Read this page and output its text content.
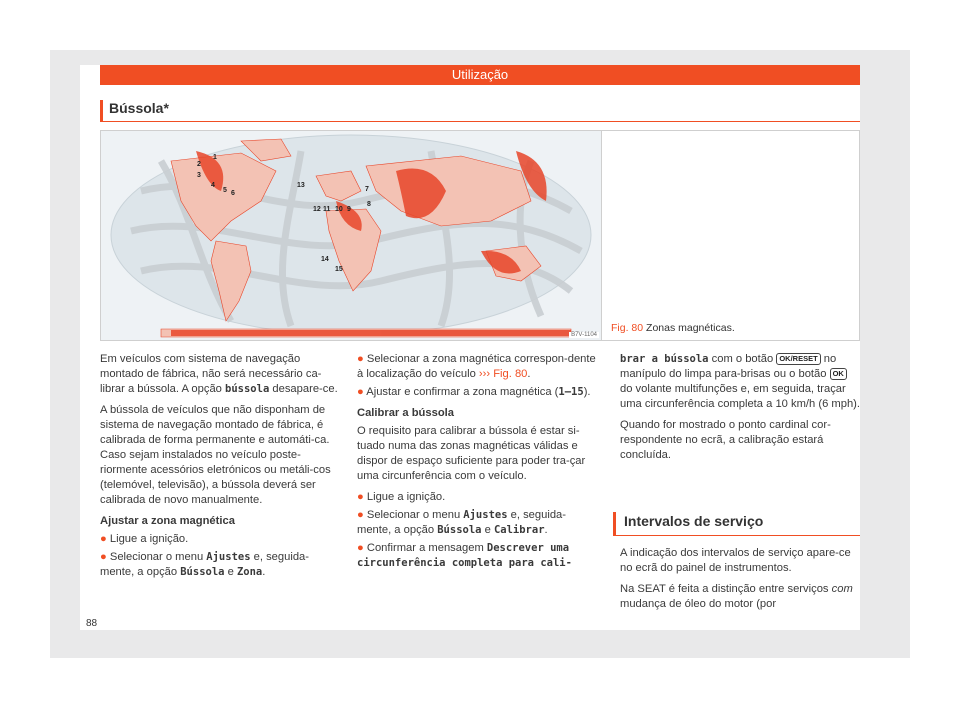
Utilização
Bússola*
1
2
3
4
5 6
7
8
9
10
11
12
13
14
15
B7V-1104
Fig. 80 Zonas magnéticas.

Em veículos com sistema de navegação montado de fábrica, não será necessário ca-librar a bússola. A opção bússola desapare-ce.

A bússola de veículos que não disponham de sistema de navegação montado de fábrica, é calibrada de forma permanente e automáti-ca. Caso sejam instalados no veículo poste-riormente acessórios eletrónicos ou metáli-cos (telemóvel, televisão), a bússola deverá ser calibrada de novo manualmente.

Ajustar a zona magnética
● Ligue a ignição.
● Selecionar o menu Ajustes e, seguida-mente, a opção Bússola e Zona.
● Selecionar a zona magnética correspon-dente à localização do veículo ››› Fig. 80.
● Ajustar e confirmar a zona magnética (1–15).
Calibrar a bússola

O requisito para calibrar a bússola é estar si-tuado numa das zonas magnéticas válidas e dispor de espaço suficiente para poder tra-çar uma circunferência com o veículo.

● Ligue a ignição.
● Selecionar o menu Ajustes e, seguida-mente, a opção Bússola e Calibrar.
● Confirmar a mensagem Descrever uma circunferência completa para cali-

brar a bússola com o botão OK/RESET no manípulo do limpa para-brisas ou o botão OK do volante multifunções e, em seguida, traçar uma circunferência completa a 10 km/h (6 mph).

Quando for mostrado o ponto cardinal cor-respondente no ecrã, a calibração estará concluída.

Intervalos de serviço

A indicação dos intervalos de serviço apare-ce no ecrã do painel de instrumentos.

Na SEAT é feita a distinção entre serviços com mudança de óleo do motor (por

88
